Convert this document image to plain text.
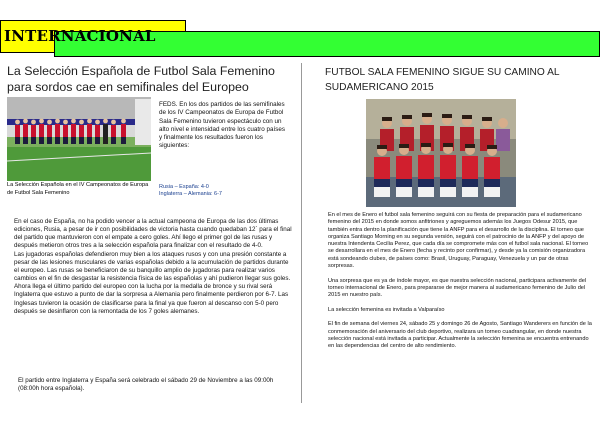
INTERNACIONAL
La Selección Española de Futbol Sala Femenino para sordos cae en semifinales del Europeo
La Selección Española en el IV Campeonatos de Europa de Futbol Sala Femenino
FEDS. En los dos partidos de las semifinales de los IV Campeonatos de Europa de Futbol Sala Femenino tuvieron espectáculo con un alto nivel e intensidad entre los cuatro países y finalmente los resultados fueron los siguientes:
Rusia – España: 4-0
Inglaterra – Alemania: 6-7

En el caso de España, no ha podido vencer a la actual campeona de Europa de las dos últimas ediciones, Rusia, a pesar de ir con posibilidades de victoria hasta cuando quedaban 12´ para el final del partido que mantuvieron con el empate a cero goles. Ahí llego el primer gol de las rusas y después metieron otros tres a la selección española para finalizar con el resultado de 4-0.

Las jugadoras españolas defendieron muy bien a los ataques rusos y con una presión constante a pesar de las lesiones musculares de varias españolas debido a la acumulación de partidos durante el europeo. Las rusas se beneficiaron de su banquillo amplio de jugadoras para realizar varios cambios en el fin de desgastar la resistencia física de las españolas y ahí pudieron llegar sus goles.

Ahora llega el último partido del europeo con la lucha por la medalla de bronce y su rival será Inglaterra que estuvo a punto de dar la sorpresa a Alemania pero finalmente perdieron por 6-7. Las Inglesas tuvieron la ocasión de clasificarse para la final ya que fueron al descanso con 5-0 pero después se desinflaron con la remontada de los 7 goles alemanes.

El partido entre Inglaterra y España será celebrado el sábado 29 de Noviembre a las 09:00h (08:00h hora española).
FUTBOL SALA FEMENINO SIGUE SU CAMINO AL SUDAMERICANO 2015

En el mes de Enero el futbol sala femenino seguirá con su fiesta de preparación para el sudamericano femenino del 2015 en donde somos anfitriones y agreguemos además los Juegos Odesur 2015, que también entra dentro la planificación que tiene la ANFP para el desarrollo de la disciplina. El torneo que organiza Santiago Morning en su segunda versión, seguirá con el patrocinio de la ANFP y del apoyo de nuestra Intendenta Cecilia Perez, que cada día se compromete más con el futbol sala nacional. El torneo se desarrollara en el mes de Enero (fecha y recinto por confirmar), y desde ya la comisión organizadora está sondeando clubes, de países como: Brasil, Uruguay, Paraguay, Venezuela y un par de otras sorpresas.

Una sorpresa que es ya de índole mayor, es que nuestra selección nacional, participara activamente del torneo internacional de Enero, para prepararse de mejor manera al sudamericano femenino de Julio del 2015 en nuestro país.

La selección femenina es invitada a Valparaíso

El fin de semana del viernes 24, sábado 25 y domingo 26 de Agosto, Santiago Wanderers en función de la conmemoración del aniversario del club deportivo, realizara un torneo cuadrangular, en donde nuestra selección nacional está invitada a participar. Actualmente la selección femenina se encuentra entrenando en las dependencias del centro de alto rendimiento.
